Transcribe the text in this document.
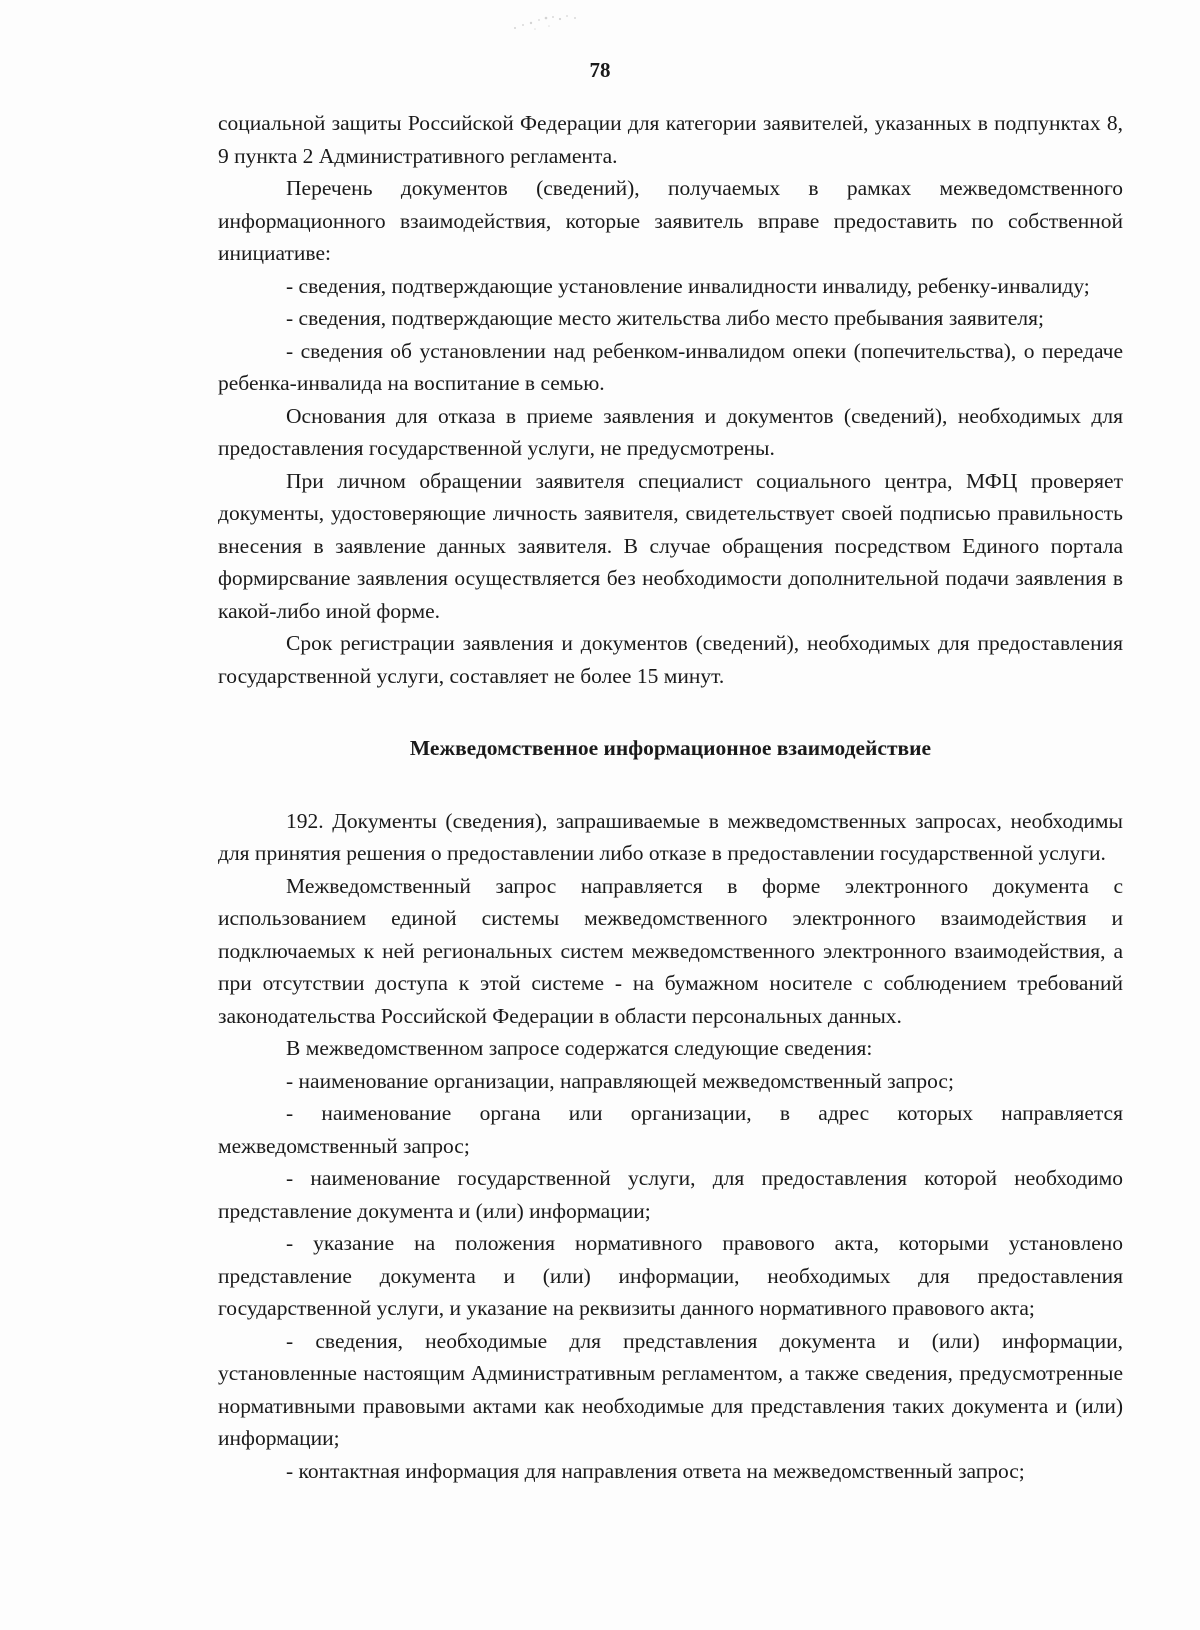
78

социальной защиты Российской Федерации для категории заявителей, указанных в подпунктах 8, 9 пункта 2 Административного регламента.

Перечень документов (сведений), получаемых в рамках межведомственного информационного взаимодействия, которые заявитель вправе предоставить по собственной инициативе:

- сведения, подтверждающие установление инвалидности инвалиду, ребенку-инвалиду;

- сведения, подтверждающие место жительства либо место пребывания заявителя;

- сведения об установлении над ребенком-инвалидом опеки (попечительства), о передаче ребенка-инвалида на воспитание в семью.

Основания для отказа в приеме заявления и документов (сведений), необходимых для предоставления государственной услуги, не предусмотрены.

При личном обращении заявителя специалист социального центра, МФЦ проверяет документы, удостоверяющие личность заявителя, свидетельствует своей подписью правильность внесения в заявление данных заявителя. В случае обращения посредством Единого портала формирсвание заявления осуществляется без необходимости дополнительной подачи заявления в какой-либо иной форме.

Срок регистрации заявления и документов (сведений), необходимых для предоставления государственной услуги, составляет не более 15 минут.

Межведомственное информационное взаимодействие

192. Документы (сведения), запрашиваемые в межведомственных запросах, необходимы для принятия решения о предоставлении либо отказе в предоставлении государственной услуги.

Межведомственный запрос направляется в форме электронного документа с использованием единой сиcтемы межведомственного электронного взаимодействия и подключаемых к ней региональных систем межведомственного электронного взаимодействия, а при отсутствии доступа к этой системе - на бумажном носителе с соблюдением требований законодательства Российской Федерации в области персональных данных.

В межведомственном запросе содержатся следующие сведения:

- наименование организации, направляющей межведомственный запрос;

- наименование органа или организации, в адрес которых направляется межведомственный запрос;

- наименование государственной услуги, для предоставления которой необходимо представление документа и (или) информации;

- указание на положения нормативного правового акта, которыми установлено представление документа и (или) информации, необходимых для предоставления государственной услуги, и указание на реквизиты данного нормативного правового акта;

- сведения, необходимые для представления документа и (или) информации, установленные настоящим Административным регламентом, а также сведения, предусмотренные нормативными правовыми актами как необходимые для представления таких документа и (или) информации;

- контактная информация для направления ответа на межведомственный запрос;
